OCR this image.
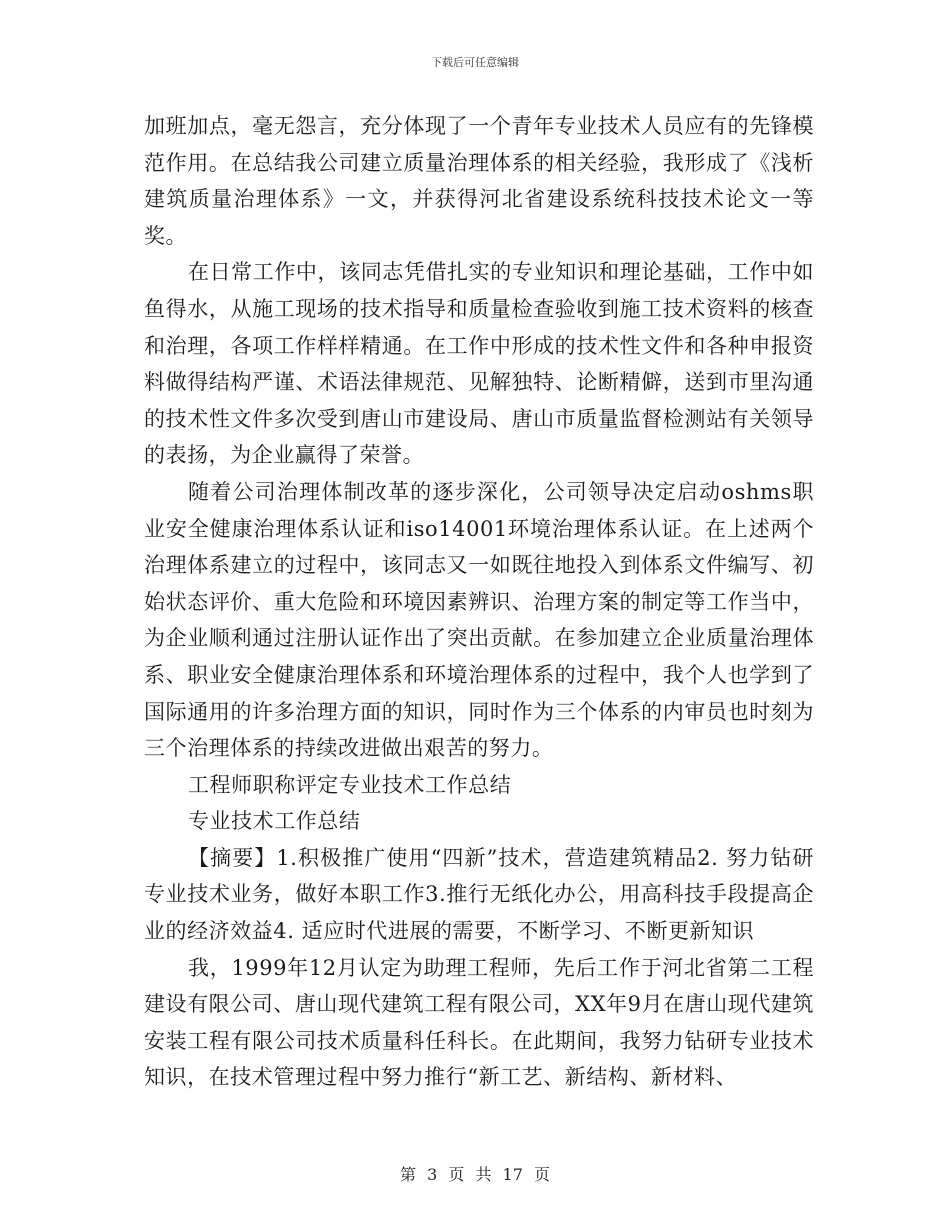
下载后可任意编辑

加班加点，毫无怨言，充分体现了一个青年专业技术人员应有的先锋模范作用。在总结我公司建立质量治理体系的相关经验，我形成了《浅析建筑质量治理体系》一文，并获得河北省建设系统科技技术论文一等奖。

在日常工作中，该同志凭借扎实的专业知识和理论基础，工作中如鱼得水，从施工现场的技术指导和质量检查验收到施工技术资料的核查和治理，各项工作样样精通。在工作中形成的技术性文件和各种申报资料做得结构严谨、术语法律规范、见解独特、论断精僻，送到市里沟通的技术性文件多次受到唐山市建设局、唐山市质量监督检测站有关领导的表扬，为企业赢得了荣誉。

随着公司治理体制改革的逐步深化，公司领导决定启动oshms职业安全健康治理体系认证和iso14001环境治理体系认证。在上述两个治理体系建立的过程中，该同志又一如既往地投入到体系文件编写、初始状态评价、重大危险和环境因素辨识、治理方案的制定等工作当中，为企业顺利通过注册认证作出了突出贡献。在参加建立企业质量治理体系、职业安全健康治理体系和环境治理体系的过程中，我个人也学到了国际通用的许多治理方面的知识，同时作为三个体系的内审员也时刻为三个治理体系的持续改进做出艰苦的努力。

工程师职称评定专业技术工作总结

专业技术工作总结

【摘要】1.积极推广使用“四新”技术，营造建筑精品2. 努力钻研专业技术业务，做好本职工作3.推行无纸化办公，用高科技手段提高企业的经济效益4. 适应时代进展的需要，不断学习、不断更新知识

我，1999年12月认定为助理工程师，先后工作于河北省第二工程建设有限公司、唐山现代建筑工程有限公司，XX年9月在唐山现代建筑安装工程有限公司技术质量科任科长。在此期间，我努力钻研专业技术知识，在技术管理过程中努力推行“新工艺、新结构、新材料、

第 3 页 共 17 页
